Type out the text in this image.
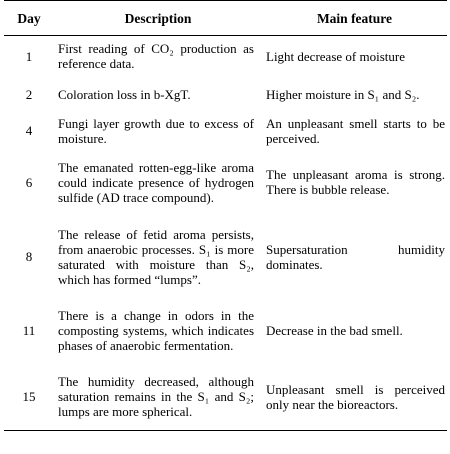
Day	Description	Main feature
1	First reading of CO₂ production as reference data.	Light decrease of moisture
2	Coloration loss in b-XgT.	Higher moisture in S₁ and S₂.
4	Fungi layer growth due to excess of moisture.	An unpleasant smell starts to be perceived.
6	The emanated rotten-egg-like aroma could indicate presence of hydrogen sulfide (AD trace compound).	The unpleasant aroma is strong. There is bubble release.
8	The release of fetid aroma persists, from anaerobic processes. S₁ is more saturated with moisture than S₂, which has formed “lumps”.	Supersaturation humidity dominates.
11	There is a change in odors in the composting systems, which indicates phases of anaerobic fermentation.	Decrease in the bad smell.
15	The humidity decreased, although saturation remains in the S₁ and S₂; lumps are more spherical.	Unpleasant smell is perceived only near the bioreactors.
